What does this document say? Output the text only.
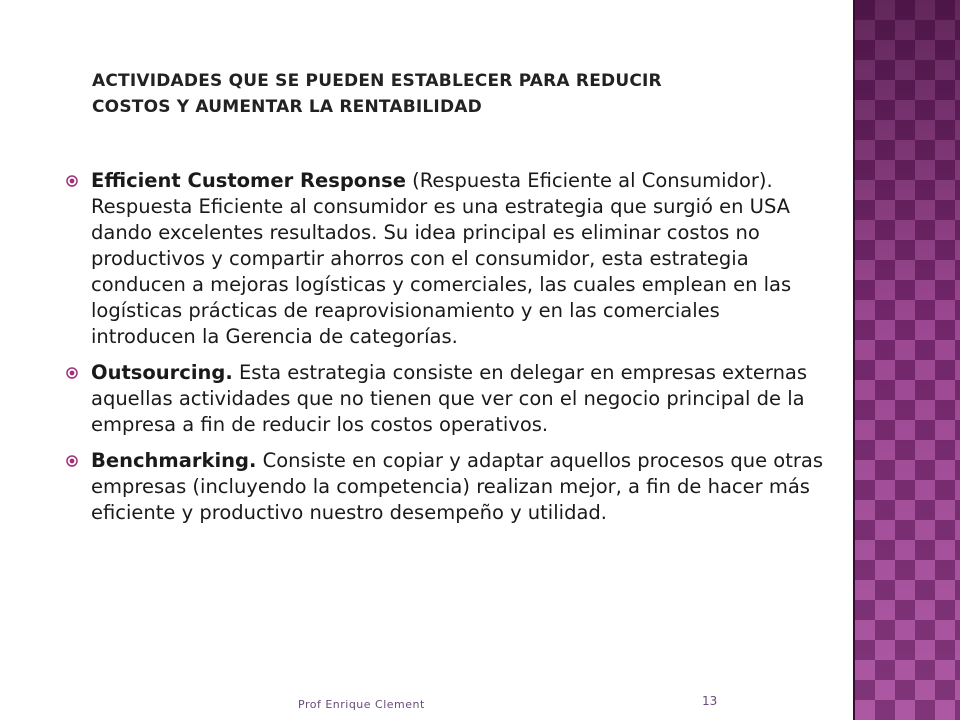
ACTIVIDADES QUE SE PUEDEN ESTABLECER PARA REDUCIR
COSTOS Y AUMENTAR LA RENTABILIDAD
Efficient Customer Response (Respuesta Eficiente al Consumidor). Respuesta Eficiente al consumidor es una estrategia que surgió en USA dando excelentes resultados. Su idea principal es eliminar costos no productivos y compartir ahorros con el consumidor, esta estrategia conducen a mejoras logísticas y comerciales, las cuales emplean en las logísticas prácticas de reaprovisionamiento y en las comerciales introducen la Gerencia de categorías.
Outsourcing. Esta estrategia consiste en delegar en empresas externas aquellas actividades que no tienen que ver con el negocio principal de la empresa a fin de reducir los costos operativos.
Benchmarking. Consiste en copiar y adaptar aquellos procesos que otras empresas (incluyendo la competencia) realizan mejor, a fin de hacer más eficiente y productivo nuestro desempeño y utilidad.
Prof Enrique Clement	13
